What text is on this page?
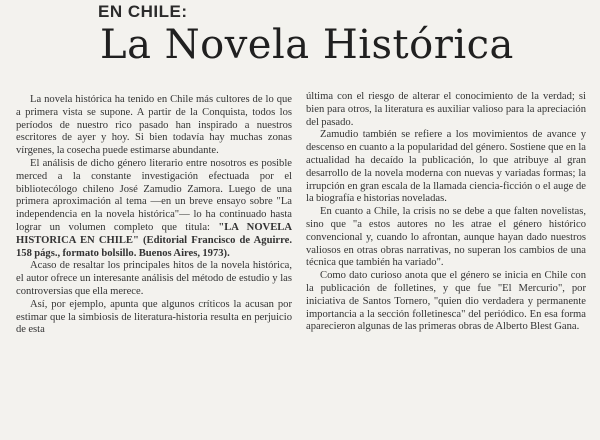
EN CHILE:
La Novela Histórica

La novela histórica ha tenido en Chile más cultores de lo que a primera vista se supone. A partir de la Conquista, todos los períodos de nuestro rico pasado han inspirado a nuestros escritores de ayer y hoy. Si bien todavía hay muchas zonas vírgenes, la cosecha puede estimarse abundante.

El análisis de dicho género literario entre nosotros es posible merced a la constante investigación efectuada por el bibliotecólogo chileno José Zamudio Zamora. Luego de una primera aproximación al tema —en un breve ensayo sobre "La independencia en la novela histórica"— lo ha continuado hasta lograr un volumen completo que titula: "LA NOVELA HISTORICA EN CHILE" (Editorial Francisco de Aguirre. 158 págs., formato bolsillo. Buenos Aires, 1973).

Acaso de resaltar los principales hitos de la novela histórica, el autor ofrece un interesante análisis del método de estudio y las controversias que ella merece.

Así, por ejemplo, apunta que algunos críticos la acusan por estimar que la simbiosis de literatura-historia resulta en perjuicio de esta

última con el riesgo de alterar el conocimiento de la verdad; si bien para otros, la literatura es auxiliar valioso para la apreciación del pasado.

Zamudio también se refiere a los movimientos de avance y descenso en cuanto a la popularidad del género. Sostiene que en la actualidad ha decaído la publicación, lo que atribuye al gran desarrollo de la novela moderna con nuevas y variadas formas; la irrupción en gran escala de la llamada ciencia-ficción o el auge de la biografía e historias noveladas.

En cuanto a Chile, la crisis no se debe a que falten novelistas, sino que "a estos autores no les atrae el género histórico convencional y, cuando lo afrontan, aunque hayan dado nuestros valiosos en otras obras narrativas, no superan los cambios de una técnica que también ha variado".

Como dato curioso anota que el género se inicia en Chile con la publicación de folletines, y que fue "El Mercurio", por iniciativa de Santos Tornero, "quien dio verdadera y permanente importancia a la sección folletinesca" del periódico. En esa forma aparecieron algunas de las primeras obras de Alberto Blest Gana.
